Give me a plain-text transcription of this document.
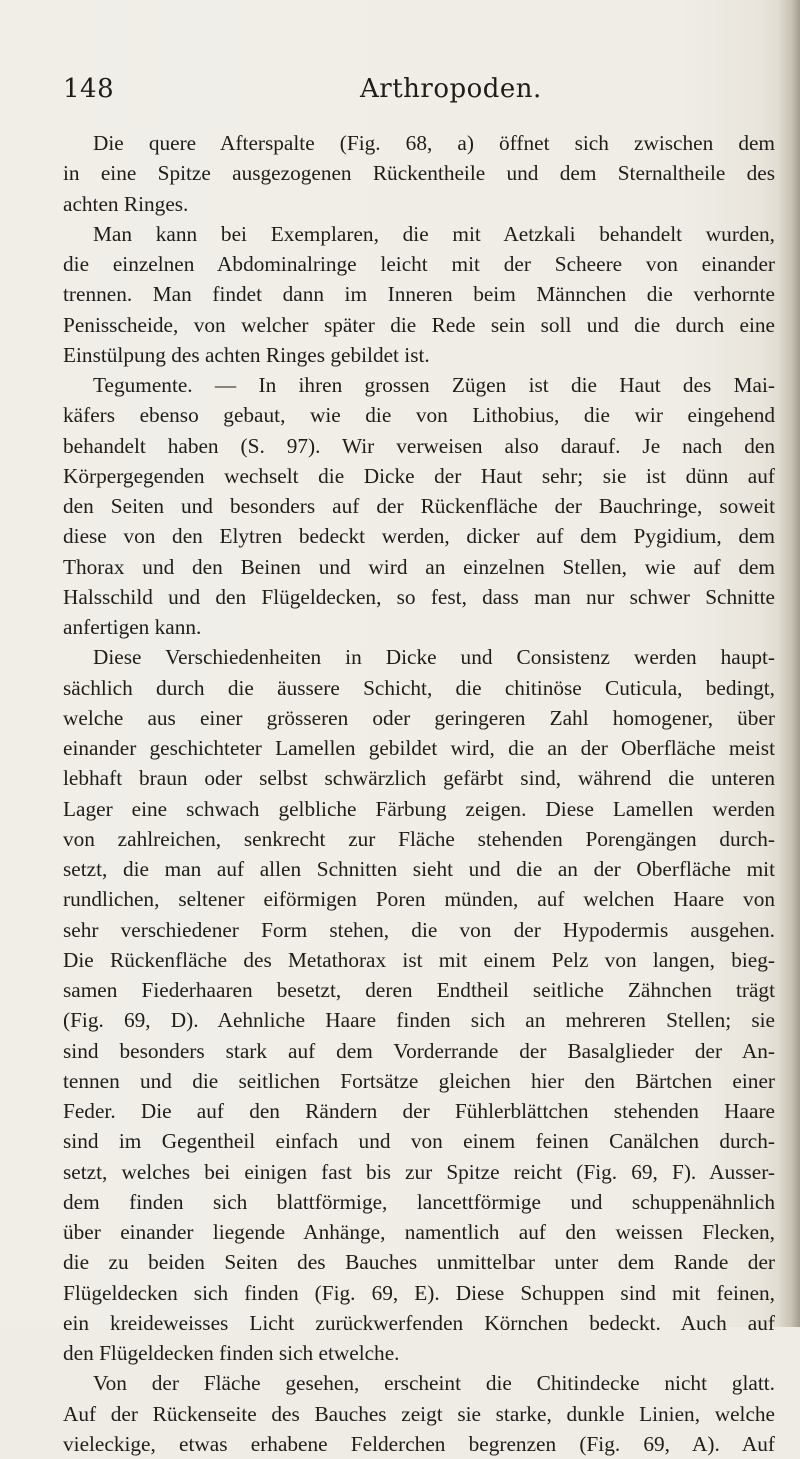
148	Arthropoden.
Die quere Afterspalte (Fig. 68, a) öffnet sich zwischen dem
in eine Spitze ausgezogenen Rückentheile und dem Sternaltheile des
achten Ringes.
Man kann bei Exemplaren, die mit Aetzkali behandelt wurden,
die einzelnen Abdominalringe leicht mit der Scheere von einander
trennen. Man findet dann im Inneren beim Männchen die verhornte
Penisscheide, von welcher später die Rede sein soll und die durch eine
Einstülpung des achten Ringes gebildet ist.
Tegumente. — In ihren grossen Zügen ist die Haut des Mai-
käfers ebenso gebaut, wie die von Lithobius, die wir eingehend
behandelt haben (S. 97). Wir verweisen also darauf. Je nach den
Körpergegenden wechselt die Dicke der Haut sehr; sie ist dünn auf
den Seiten und besonders auf der Rückenfläche der Bauchringe, soweit
diese von den Elytren bedeckt werden, dicker auf dem Pygidium, dem
Thorax und den Beinen und wird an einzelnen Stellen, wie auf dem
Halsschild und den Flügeldecken, so fest, dass man nur schwer Schnitte
anfertigen kann.
Diese Verschiedenheiten in Dicke und Consistenz werden haupt-
sächlich durch die äussere Schicht, die chitinöse Cuticula, bedingt,
welche aus einer grösseren oder geringeren Zahl homogener, über
einander geschichteter Lamellen gebildet wird, die an der Oberfläche meist
lebhaft braun oder selbst schwärzlich gefärbt sind, während die unteren
Lager eine schwach gelbliche Färbung zeigen. Diese Lamellen werden
von zahlreichen, senkrecht zur Fläche stehenden Porengängen durch-
setzt, die man auf allen Schnitten sieht und die an der Oberfläche mit
rundlichen, seltener eiförmigen Poren münden, auf welchen Haare von
sehr verschiedener Form stehen, die von der Hypodermis ausgehen.
Die Rückenfläche des Metathorax ist mit einem Pelz von langen, bieg-
samen Fiederhaaren besetzt, deren Endtheil seitliche Zähnchen trägt
(Fig. 69, D). Aehnliche Haare finden sich an mehreren Stellen; sie
sind besonders stark auf dem Vorderrande der Basalglieder der An-
tennen und die seitlichen Fortsätze gleichen hier den Bärtchen einer
Feder. Die auf den Rändern der Fühlerblättchen stehenden Haare
sind im Gegentheil einfach und von einem feinen Canälchen durch-
setzt, welches bei einigen fast bis zur Spitze reicht (Fig. 69, F). Ausser-
dem finden sich blattförmige, lancettförmige und schuppenähnlich
über einander liegende Anhänge, namentlich auf den weissen Flecken,
die zu beiden Seiten des Bauches unmittelbar unter dem Rande der
Flügeldecken sich finden (Fig. 69, E). Diese Schuppen sind mit feinen,
ein kreideweisses Licht zurückwerfenden Körnchen bedeckt. Auch auf
den Flügeldecken finden sich etwelche.
Von der Fläche gesehen, erscheint die Chitindecke nicht glatt.
Auf der Rückenseite des Bauches zeigt sie starke, dunkle Linien, welche
vieleckige, etwas erhabene Felderchen begrenzen (Fig. 69, A). Auf
